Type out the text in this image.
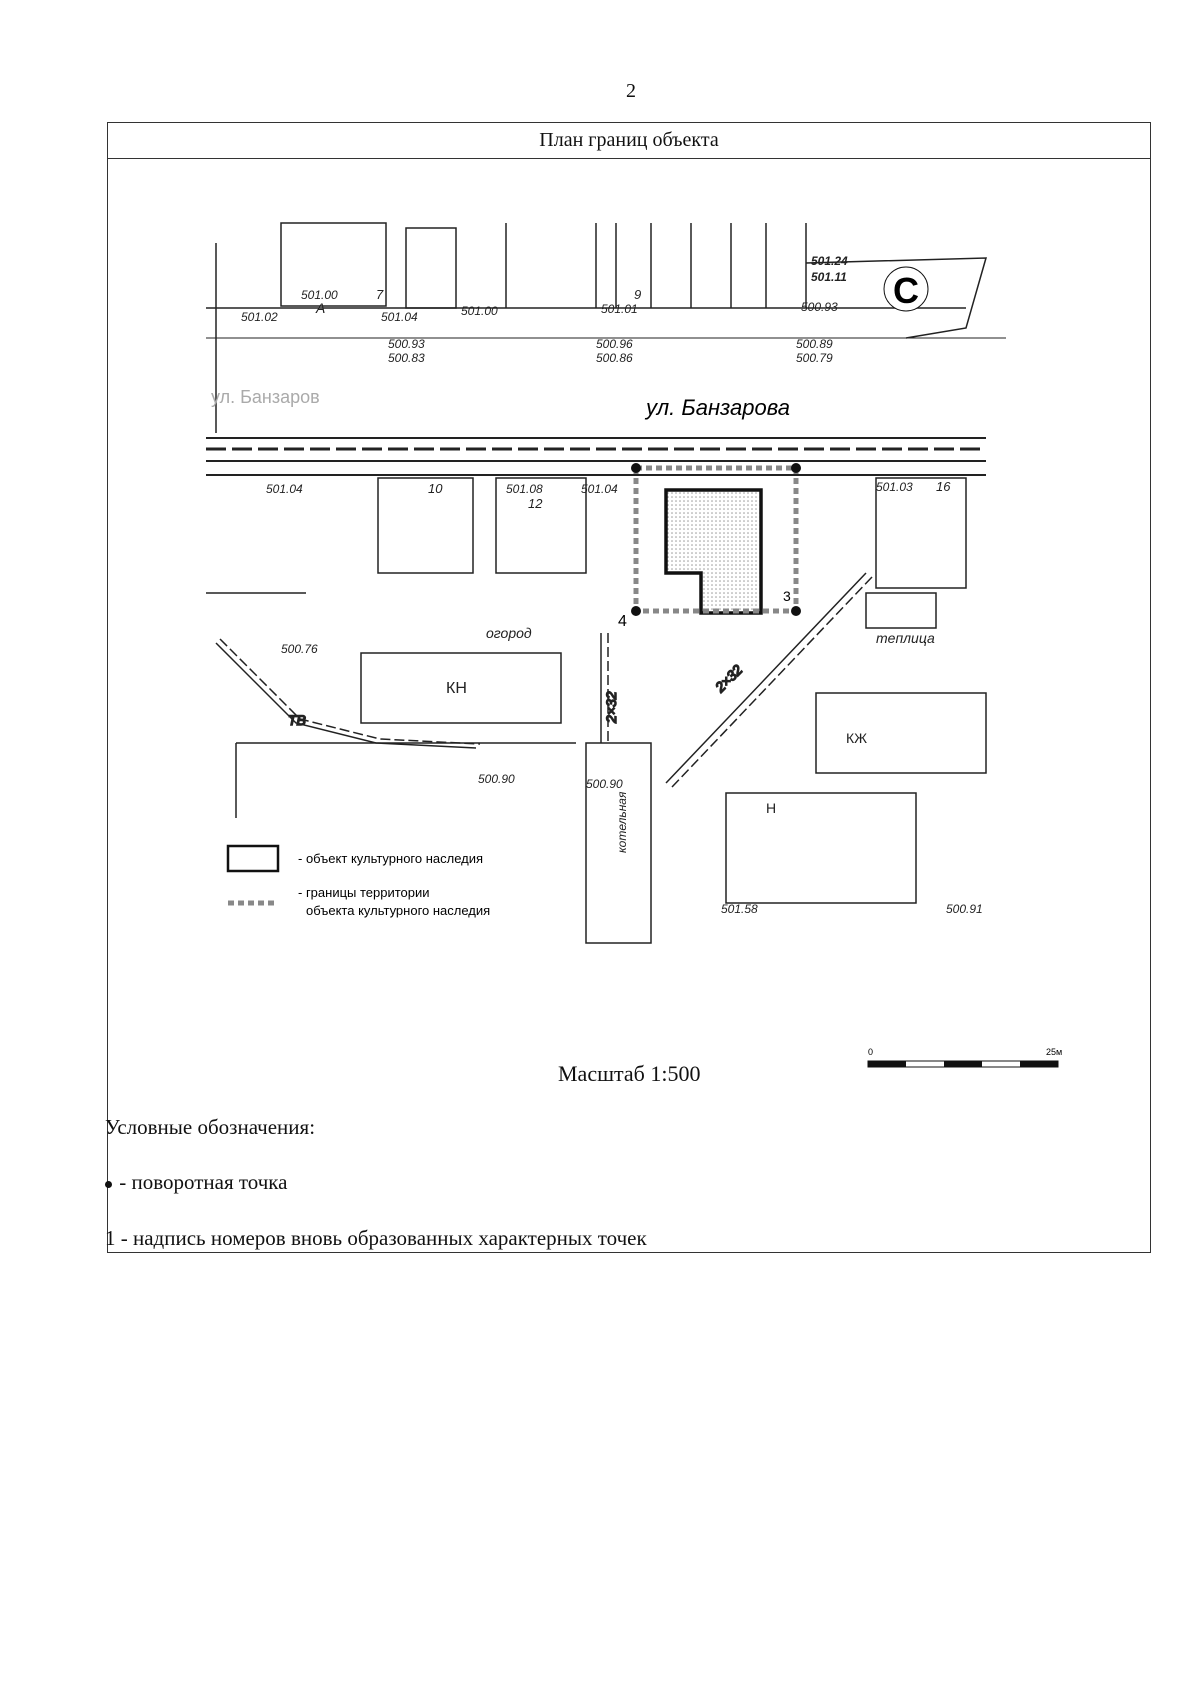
2
План границ объекта
ул. Банзарова
ул. Банзаров
3
4
ТВ
2×32
2×32
КН
КЖ
Н
огород	теплица
котельная
А
501.00
501.04
501.02	501.00	501.01	500.93
501.24
501.11
500.93
500.83
500.96
500.86
500.89
500.79
501.04	501.08	501.04	501.03
500.76
500.90	500.90
501.58	500.91
7	9
10
12
16
С
- объект культурного наследия
- границы территории
объекта культурного наследия
0	25м
Масштаб 1:500
Условные обозначения:
- поворотная точка
1 - надпись номеров вновь образованных характерных точек
